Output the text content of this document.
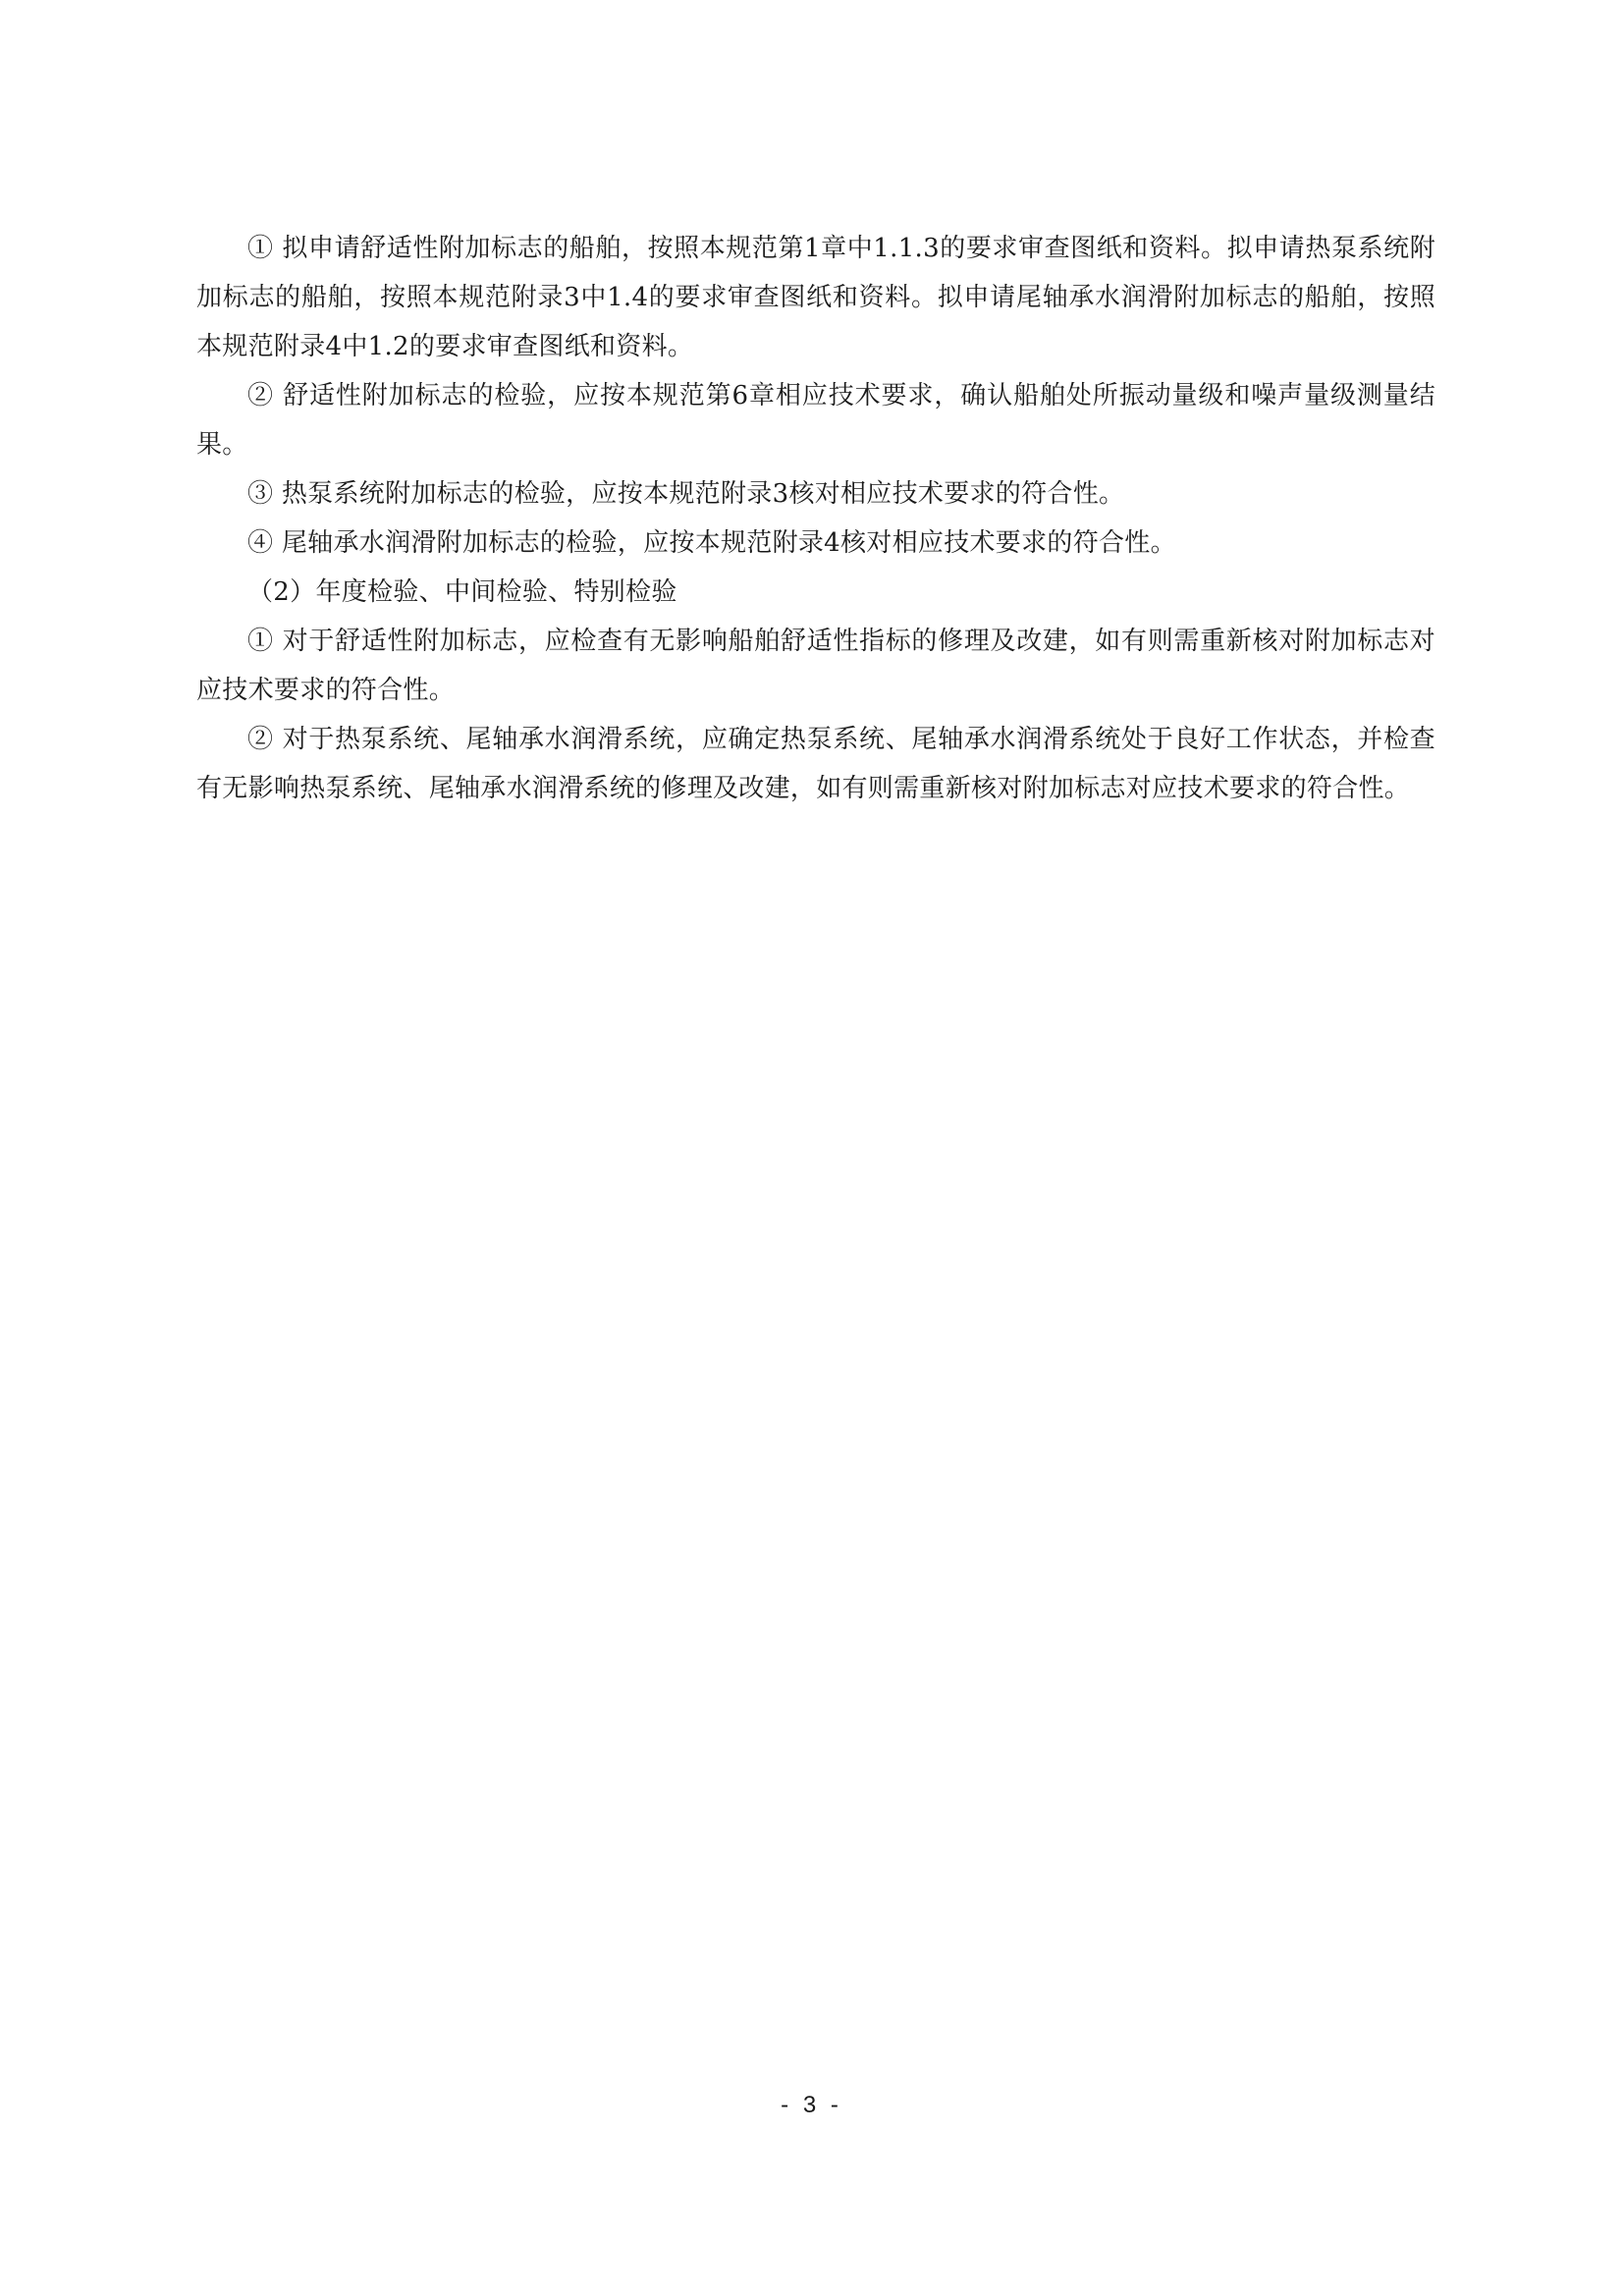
① 拟申请舒适性附加标志的船舶，按照本规范第1章中1.1.3的要求审查图纸和资料。拟申请热泵系统附加标志的船舶，按照本规范附录3中1.4的要求审查图纸和资料。拟申请尾轴承水润滑附加标志的船舶，按照本规范附录4中1.2的要求审查图纸和资料。

② 舒适性附加标志的检验，应按本规范第6章相应技术要求，确认船舶处所振动量级和噪声量级测量结果。

③ 热泵系统附加标志的检验，应按本规范附录3核对相应技术要求的符合性。

④ 尾轴承水润滑附加标志的检验，应按本规范附录4核对相应技术要求的符合性。

（2）年度检验、中间检验、特别检验

① 对于舒适性附加标志，应检查有无影响船舶舒适性指标的修理及改建，如有则需重新核对附加标志对应技术要求的符合性。

② 对于热泵系统、尾轴承水润滑系统，应确定热泵系统、尾轴承水润滑系统处于良好工作状态，并检查有无影响热泵系统、尾轴承水润滑系统的修理及改建，如有则需重新核对附加标志对应技术要求的符合性。

- 3 -
